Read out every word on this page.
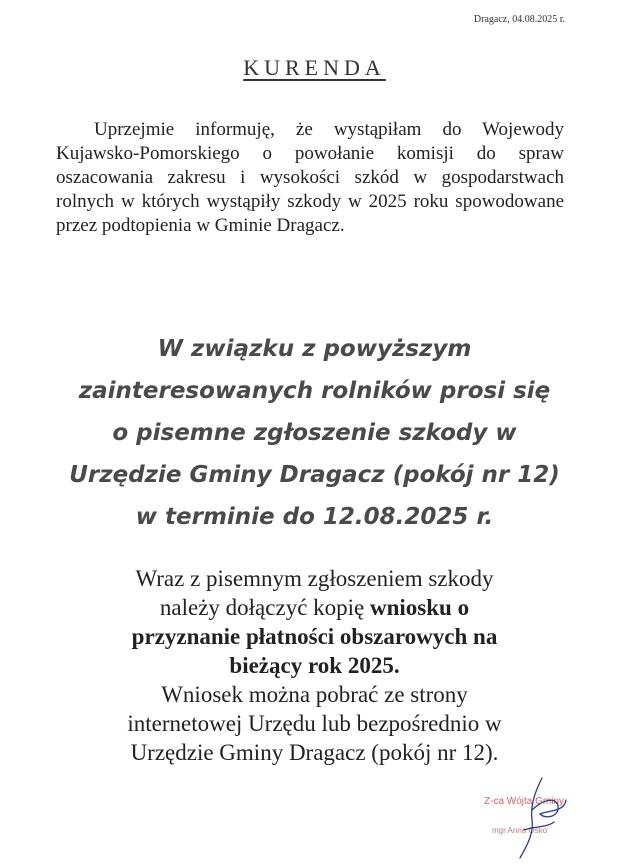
Dragacz, 04.08.2025 r.
KURENDA
Uprzejmie informuję, że wystąpiłam do Wojewody Kujawsko-Pomorskiego o powołanie komisji do spraw oszacowania zakresu i wysokości szkód w gospodarstwach rolnych w których wystąpiły szkody w 2025 roku spowodowane przez podtopienia w Gminie Dragacz.
W związku z powyższym
zainteresowanych rolników prosi się
o pisemne zgłoszenie szkody w
Urzędzie Gminy Dragacz (pokój nr 12)
w terminie do 12.08.2025 r.
Wraz z pisemnym zgłoszeniem szkody
należy dołączyć kopię wniosku o
przyznanie płatności obszarowych na
bieżący rok 2025.
Wniosek można pobrać ze strony
internetowej Urzędu lub bezpośrednio w
Urzędzie Gminy Dragacz (pokój nr 12).
Z-ca Wójta Gminy
mgr Anna Ośko
